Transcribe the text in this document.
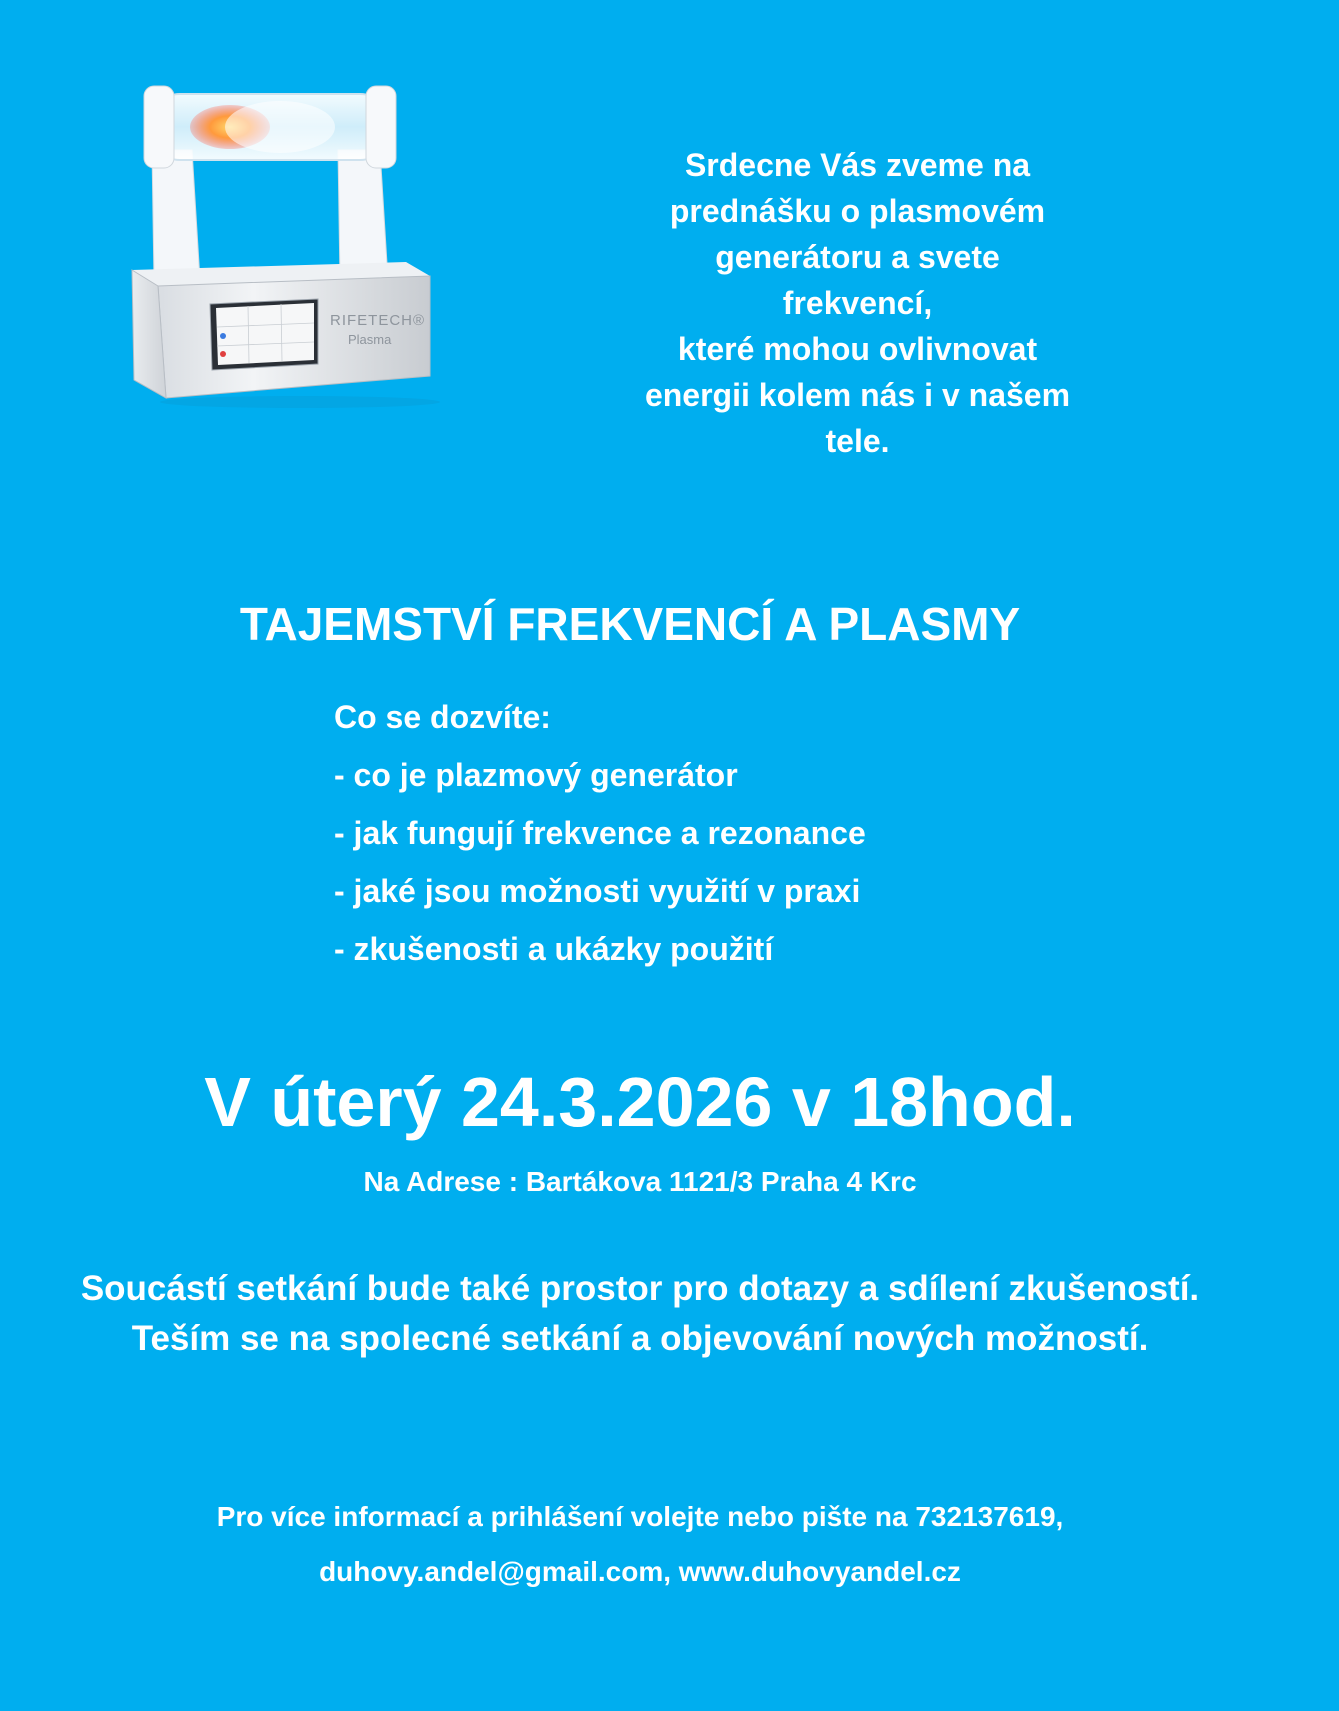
RIFETECH®
Plasma
Srdecne Vás zveme na
prednášku o plasmovém
generátoru a svete
frekvencí,
které mohou ovlivnovat
energii kolem nás i v našem
tele.
TAJEMSTVÍ FREKVENCÍ A PLASMY
Co se dozvíte:
- co je plazmový generátor
- jak fungují frekvence a rezonance
- jaké jsou možnosti využití v praxi
- zkušenosti a ukázky použití
V úterý 24.3.2026 v 18hod.
Na Adrese : Bartákova 1121/3 Praha 4 Krc
Soucástí setkání bude také prostor pro dotazy a sdílení zkušeností. Teším se na spolecné setkání a objevování nových možností.
Pro více informací a prihlášení volejte nebo pište na 732137619,
duhovy.andel@gmail.com, www.duhovyandel.cz
